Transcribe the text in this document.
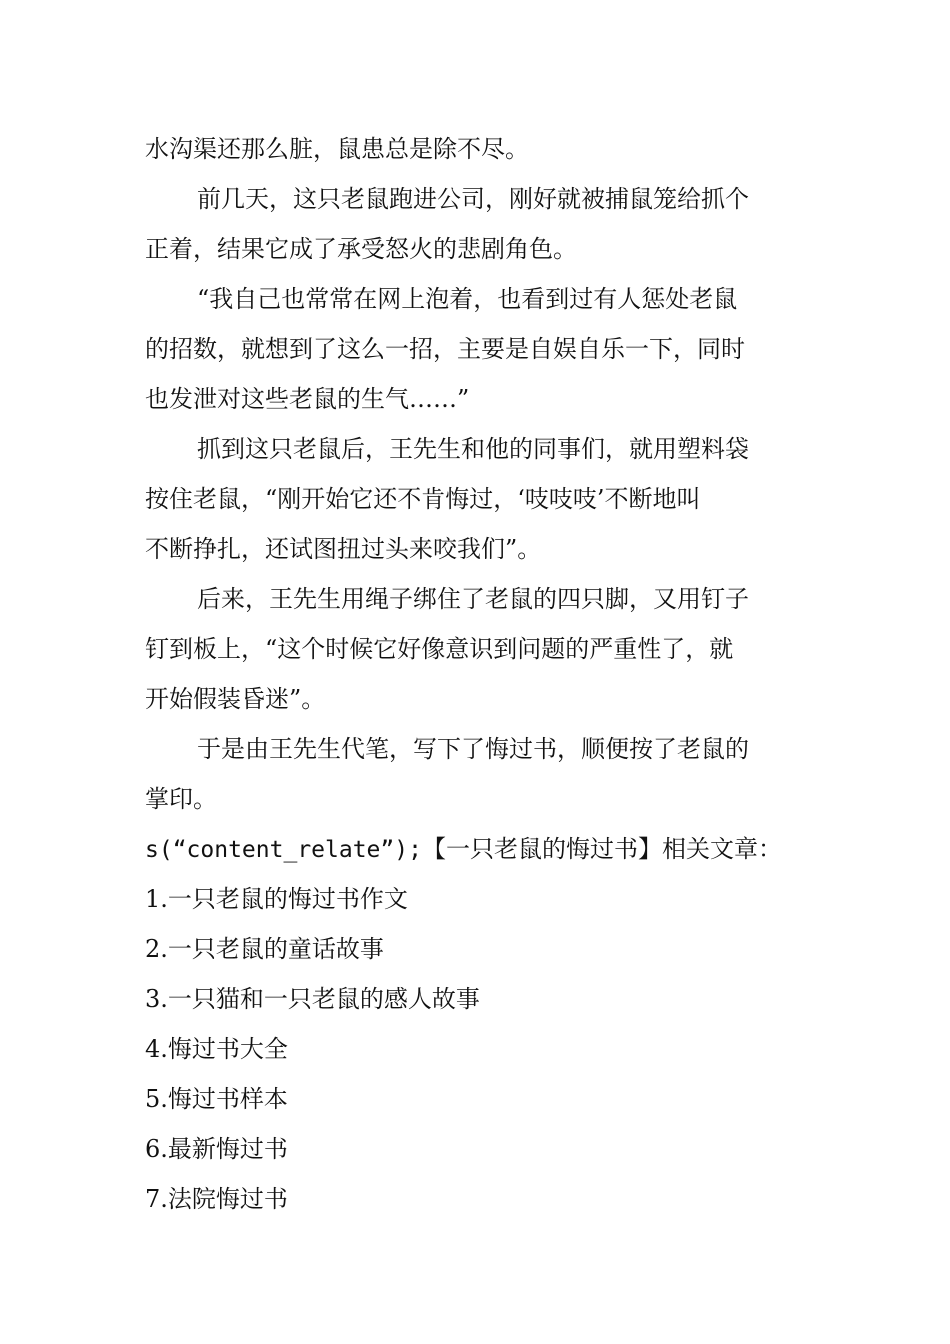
水沟渠还那么脏，鼠患总是除不尽。
前几天，这只老鼠跑进公司，刚好就被捕鼠笼给抓个
正着，结果它成了承受怒火的悲剧角色。
“我自己也常常在网上泡着，也看到过有人惩处老鼠
的招数，就想到了这么一招，主要是自娱自乐一下，同时
也发泄对这些老鼠的生气……”
抓到这只老鼠后，王先生和他的同事们，就用塑料袋
按住老鼠，“刚开始它还不肯悔过，‘吱吱吱’不断地叫
不断挣扎，还试图扭过头来咬我们”。
后来，王先生用绳子绑住了老鼠的四只脚，又用钉子
钉到板上，“这个时候它好像意识到问题的严重性了，就
开始假装昏迷”。
于是由王先生代笔，写下了悔过书，顺便按了老鼠的
掌印。
s(“content_relate”);【一只老鼠的悔过书】相关文章：
1.一只老鼠的悔过书作文
2.一只老鼠的童话故事
3.一只猫和一只老鼠的感人故事
4.悔过书大全
5.悔过书样本
6.最新悔过书
7.法院悔过书
